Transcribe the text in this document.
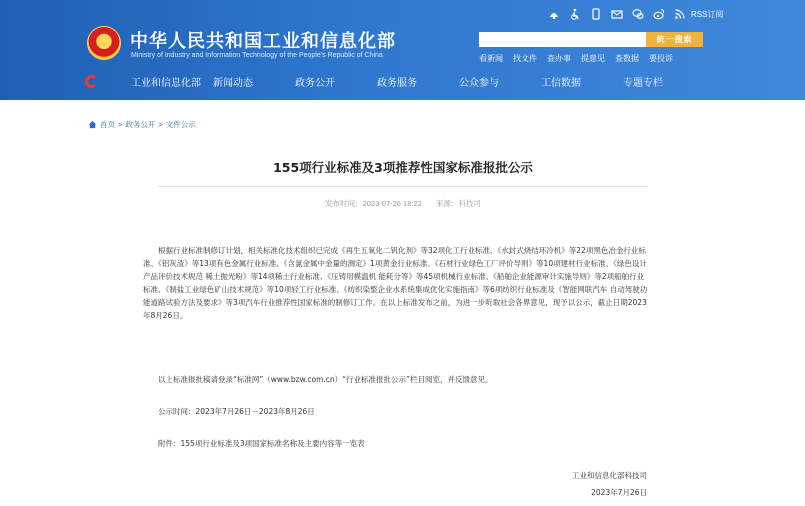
中华人民共和国工业和信息化部
Ministry of Industry and Information Technology of the People's Republic of China
RSS订阅
统一搜索
看新闻 找文件 查办事 提意见 查数据 要投诉
工业和信息化部	新闻动态	政务公开	政务服务	公众参与	工信数据	专题专栏
首页 > 政务公开 > 文件公示
155项行业标准及3项推荐性国家标准报批公示
发布时间：2023-07-26 18:22 来源：科技司
根据行业标准制修订计划，相关标准化技术组织已完成《再生五氧化二钒化剂》等32项化工行业标准、《水封式烧结环冷机》等22项黑色冶金行业标准、《铝灰渣》等13项有色金属行业标准、《含氯金属中金量的测定》1项黄金行业标准、《石材行业绿色工厂评价导则》等10项建材行业标准、《绿色设计产品评价技术规范 稀土抛光粉》等14项稀土行业标准、《压铸用模温机 能耗分等》等45项机械行业标准、《船舶企业能源审计实施导则》等2项船舶行业标准、《制盐工业绿色矿山技术规范》等10项轻工行业标准、《纺织染整企业水系统集成优化实施指南》等6项纺织行业标准及《智能网联汽车 自动驾驶功能道路试验方法及要求》等3项汽车行业推荐性国家标准的制修订工作。在以上标准发布之前，为进一步听取社会各界意见，现予以公示，截止日期2023年8月26日。
以上标准报批稿请登录“标准网”（www.bzw.com.cn）“行业标准报批公示”栏目阅览，并反馈意见。
公示时间：2023年7月26日－2023年8月26日
附件：155项行业标准及3项国家标准名称及主要内容等一览表
工业和信息化部科技司
2023年7月26日
